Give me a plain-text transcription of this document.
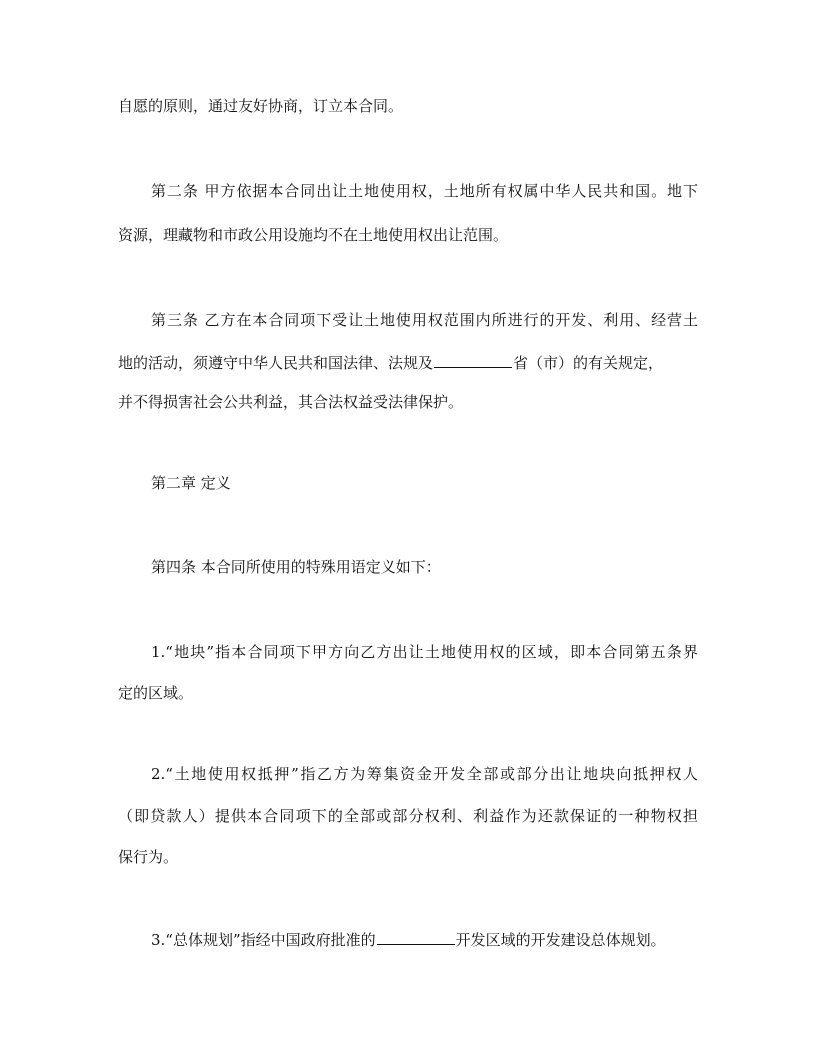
自愿的原则，通过友好协商，订立本合同。
第二条 甲方依据本合同出让土地使用权，土地所有权属中华人民共和国。地下
资源，理藏物和市政公用设施均不在土地使用权出让范围。
第三条 乙方在本合同项下受让土地使用权范围内所进行的开发、利用、经营土
地的活动，须遵守中华人民共和国法律、法规及	省（市）的有关规定，
并不得损害社会公共利益，其合法权益受法律保护。
第二章 定义
第四条 本合同所使用的特殊用语定义如下：
1.“地块”指本合同项下甲方向乙方出让土地使用权的区域，即本合同第五条界
定的区域。
2.“土地使用权抵押”指乙方为筹集资金开发全部或部分出让地块向抵押权人
（即贷款人）提供本合同项下的全部或部分权利、利益作为还款保证的一种物权担
保行为。
3.“总体规划”指经中国政府批准的	开发区域的开发建设总体规划。
